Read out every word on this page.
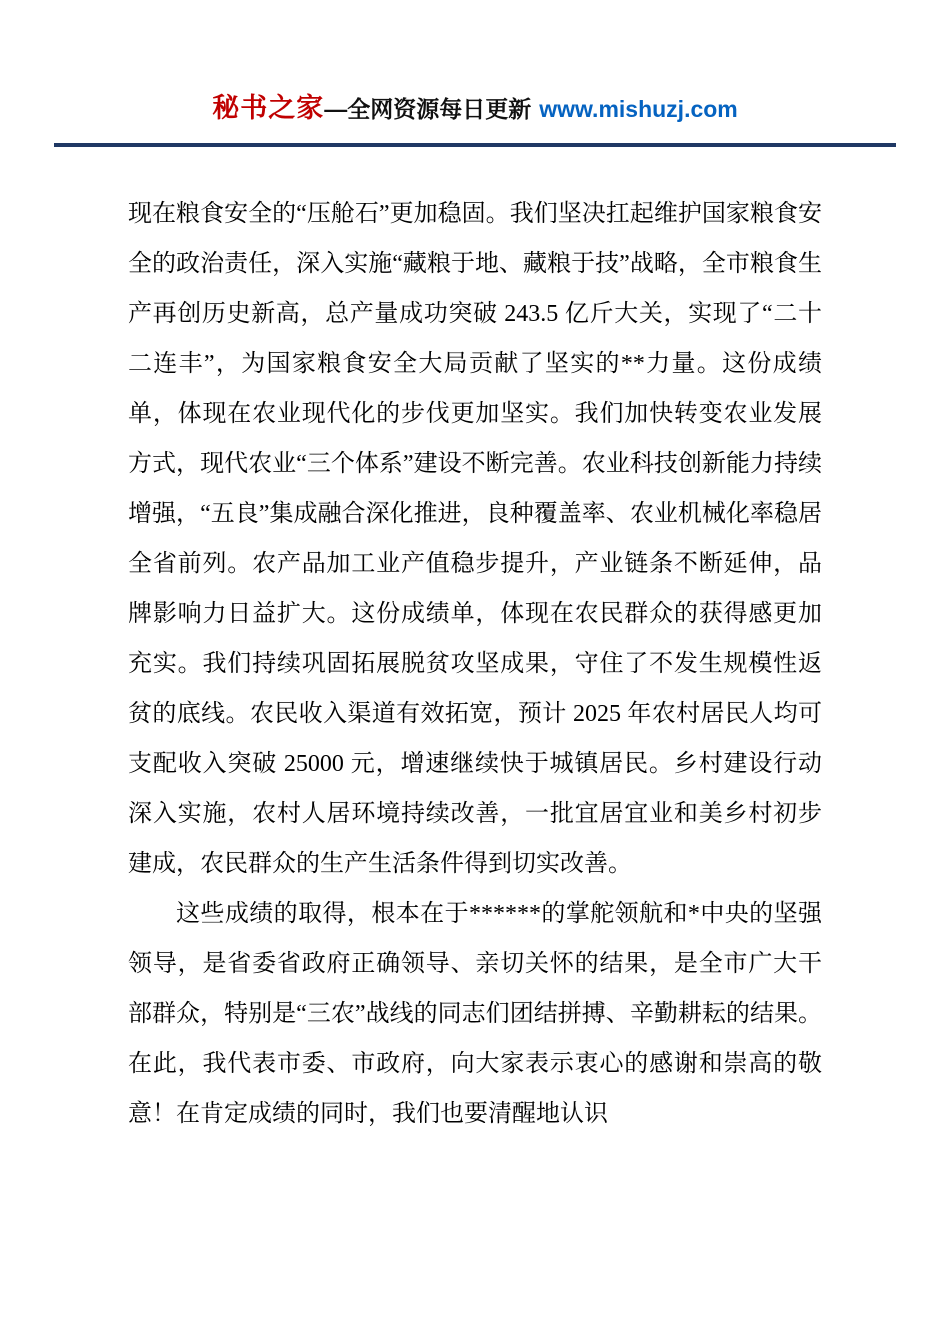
秘书之家—全网资源每日更新 www.mishuzj.com

现在粮食安全的“压舱石”更加稳固。我们坚决扛起维护国家粮食安全的政治责任，深入实施“藏粮于地、藏粮于技”战略，全市粮食生产再创历史新高，总产量成功突破 243.5 亿斤大关，实现了“二十二连丰”，为国家粮食安全大局贡献了坚实的**力量。这份成绩单，体现在农业现代化的步伐更加坚实。我们加快转变农业发展方式，现代农业“三个体系”建设不断完善。农业科技创新能力持续增强，“五良”集成融合深化推进，良种覆盖率、农业机械化率稳居全省前列。农产品加工业产值稳步提升，产业链条不断延伸，品牌影响力日益扩大。这份成绩单，体现在农民群众的获得感更加充实。我们持续巩固拓展脱贫攻坚成果，守住了不发生规模性返贫的底线。农民收入渠道有效拓宽，预计 2025 年农村居民人均可支配收入突破 25000 元，增速继续快于城镇居民。乡村建设行动深入实施，农村人居环境持续改善，一批宜居宜业和美乡村初步建成，农民群众的生产生活条件得到切实改善。

这些成绩的取得，根本在于******的掌舵领航和*中央的坚强领导，是省委省政府正确领导、亲切关怀的结果，是全市广大干部群众，特别是“三农”战线的同志们团结拼搏、辛勤耕耘的结果。在此，我代表市委、市政府，向大家表示衷心的感谢和崇高的敬意！在肯定成绩的同时，我们也要清醒地认识
